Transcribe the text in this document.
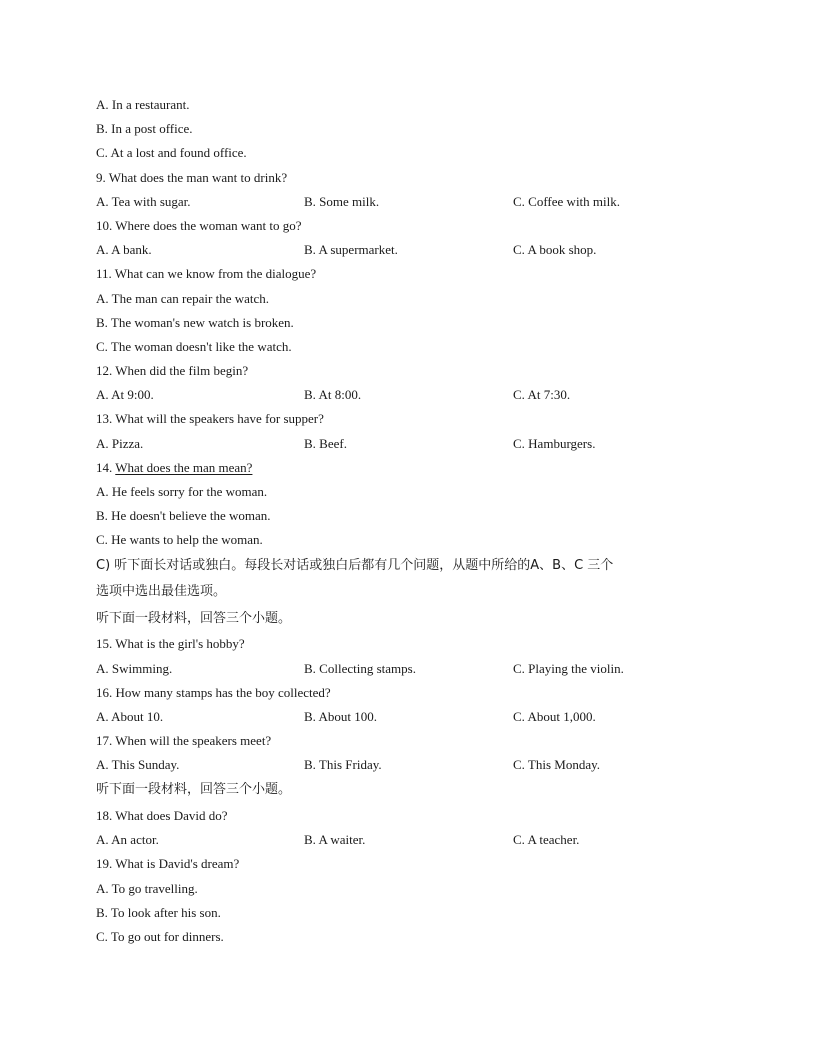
A. In a restaurant.
B. In a post office.
C. At a lost and found office.
9. What does the man want to drink?
A. Tea with sugar.	B. Some milk.	C. Coffee with milk.
10. Where does the woman want to go?
A. A bank.	B. A supermarket.	C. A book shop.
11. What can we know from the dialogue?
A. The man can repair the watch.
B. The woman's new watch is broken.
C. The woman doesn't like the watch.
12. When did the film begin?
A. At 9:00.	B. At 8:00.	C. At 7:30.
13. What will the speakers have for supper?
A. Pizza.	B. Beef.	C. Hamburgers.
14. What does the man mean?
A. He feels sorry for the woman.
B. He doesn't believe the woman.
C. He wants to help the woman.
C) 听下面长对话或独白。每段长对话或独白后都有几个问题，从题中所给的A、B、C 三个
选项中选出最佳选项。
听下面一段材料，回答三个小题。
15. What is the girl's hobby?
A. Swimming.	B. Collecting stamps.	C. Playing the violin.
16. How many stamps has the boy collected?
A. About 10.	B. About 100.	C. About 1,000.
17. When will the speakers meet?
A. This Sunday.	B. This Friday.	C. This Monday.
听下面一段材料，回答三个小题。
18. What does David do?
A. An actor.	B. A waiter.	C. A teacher.
19. What is David's dream?
A. To go travelling.
B. To look after his son.
C. To go out for dinners.
